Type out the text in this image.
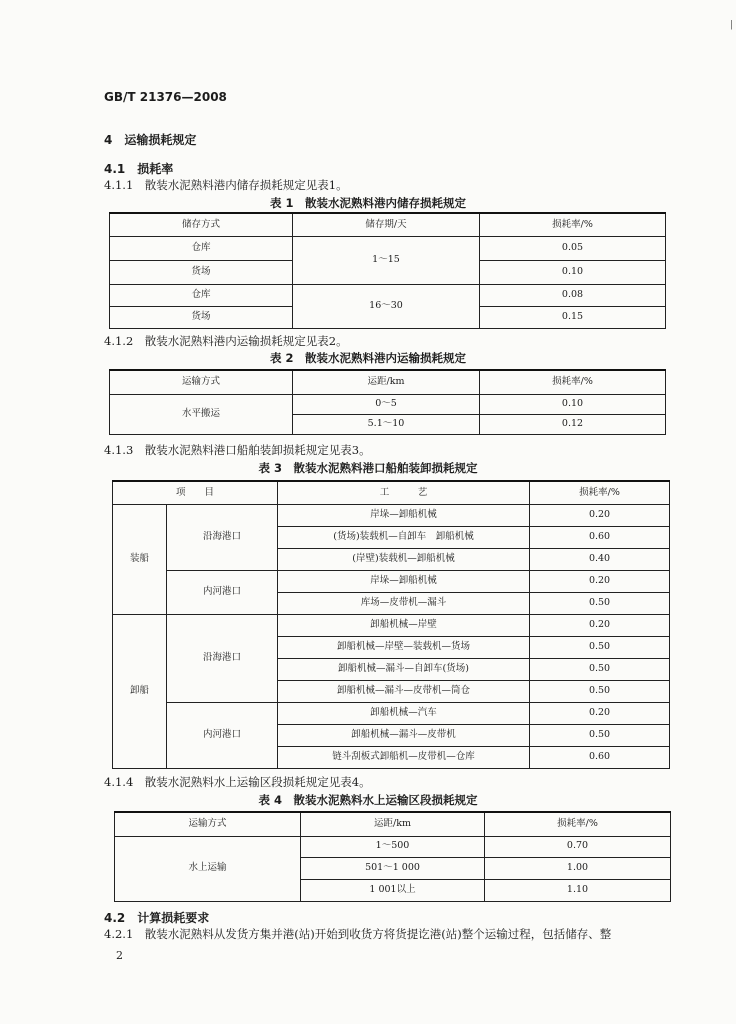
GB/T 21376—2008
|
4　运输损耗规定
4.1　损耗率
4.1.1　散装水泥熟料港内储存损耗规定见表1。
表 1　散装水泥熟料港内储存损耗规定
储存方式	储存期/天	损耗率/%
仓库	1～15	0.05
货场		0.10
仓库	16～30	0.08
货场		0.15
4.1.2　散装水泥熟料港内运输损耗规定见表2。
表 2　散装水泥熟料港内运输损耗规定
运输方式	运距/km	损耗率/%
水平搬运	0～5	0.10
	5.1～10	0.12
4.1.3　散装水泥熟料港口船舶装卸损耗规定见表3。
表 3　散装水泥熟料港口船舶装卸损耗规定
项　　目		工　　　艺	损耗率/%
装船	沿海港口	岸垛—卸船机械	0.20
		(货场)装载机—自卸车　卸船机械	0.60
		(岸壁)装载机—卸船机械	0.40
	内河港口	岸垛—卸船机械	0.20
		库场—皮带机—漏斗	0.50
卸船	沿海港口	卸船机械—岸壁	0.20
		卸船机械—岸壁—装载机—货场	0.50
		卸船机械—漏斗—自卸车(货场)	0.50
		卸船机械—漏斗—皮带机—筒仓	0.50
	内河港口	卸船机械—汽车	0.20
		卸船机械—漏斗—皮带机	0.50
		链斗刮板式卸船机—皮带机—仓库	0.60
4.1.4　散装水泥熟料水上运输区段损耗规定见表4。
表 4　散装水泥熟料水上运输区段损耗规定
运输方式	运距/km	损耗率/%
水上运输	1～500	0.70
	501～1 000	1.00
	1 001以上	1.10
4.2　计算损耗要求
4.2.1　散装水泥熟料从发货方集并港(站)开始到收货方将货提讫港(站)整个运输过程，包括储存、整
2
